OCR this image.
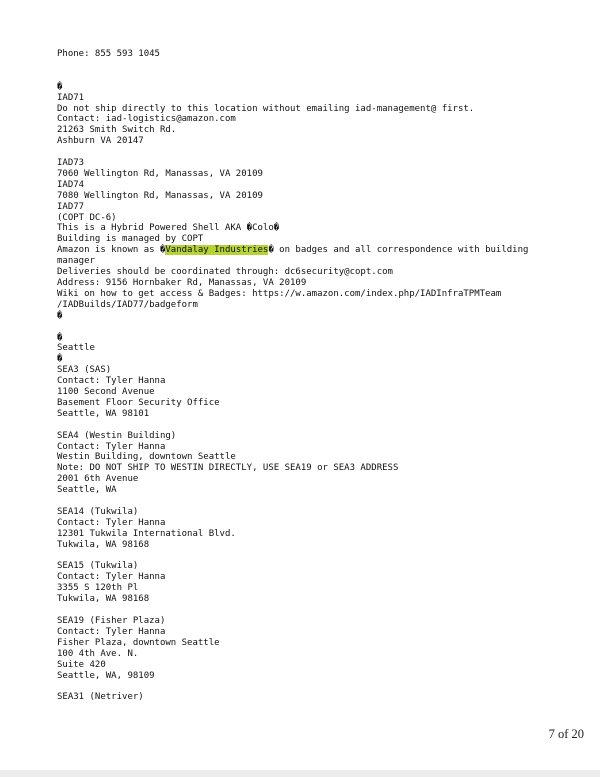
Phone: 855 593 1045
�
IAD71
Do not ship directly to this location without emailing iad-management@ first.
Contact: iad-logistics@amazon.com
21263 Smith Switch Rd.
Ashburn VA 20147
IAD73
7060 Wellington Rd, Manassas, VA 20109
IAD74
7080 Wellington Rd, Manassas, VA 20109
IAD77
(COPT DC-6)
This is a Hybrid Powered Shell AKA �Colo�
Building is managed by COPT
Amazon is known as �Vandalay Industries� on badges and all correspondence with building
manager
Deliveries should be coordinated through: dc6security@copt.com
Address: 9156 Hornbaker Rd, Manassas, VA 20109
Wiki on how to get access & Badges: https://w.amazon.com/index.php/IADInfraTPMTeam
/IADBuilds/IAD77/badgeform
�
�
Seattle
�
SEA3 (SAS)
Contact: Tyler Hanna
1100 Second Avenue
Basement Floor Security Office
Seattle, WA 98101
SEA4 (Westin Building)
Contact: Tyler Hanna
Westin Building, downtown Seattle
Note: DO NOT SHIP TO WESTIN DIRECTLY, USE SEA19 or SEA3 ADDRESS
2001 6th Avenue
Seattle, WA
SEA14 (Tukwila)
Contact: Tyler Hanna
12301 Tukwila International Blvd.
Tukwila, WA 98168
SEA15 (Tukwila)
Contact: Tyler Hanna
3355 S 120th Pl
Tukwila, WA 98168
SEA19 (Fisher Plaza)
Contact: Tyler Hanna
Fisher Plaza, downtown Seattle
100 4th Ave. N.
Suite 420
Seattle, WA, 98109
SEA31 (Netriver)
7 of 20
